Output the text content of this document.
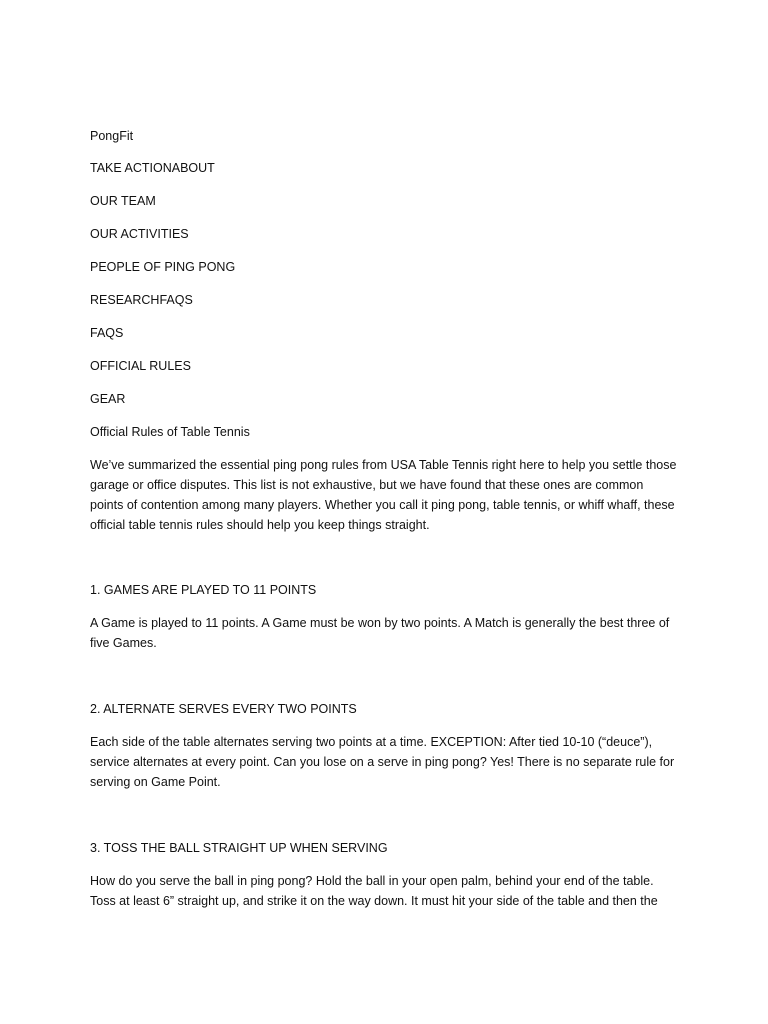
PongFit
TAKE ACTIONABOUT
OUR TEAM
OUR ACTIVITIES
PEOPLE OF PING PONG
RESEARCHFAQS
FAQS
OFFICIAL RULES
GEAR
Official Rules of Table Tennis
We’ve summarized the essential ping pong rules from USA Table Tennis right here to help you settle those garage or office disputes. This list is not exhaustive, but we have found that these ones are common points of contention among many players. Whether you call it ping pong, table tennis, or whiff whaff, these official table tennis rules should help you keep things straight.
1. GAMES ARE PLAYED TO 11 POINTS
A Game is played to 11 points. A Game must be won by two points. A Match is generally the best three of five Games.
2. ALTERNATE SERVES EVERY TWO POINTS
Each side of the table alternates serving two points at a time. EXCEPTION: After tied 10-10 (“deuce”), service alternates at every point. Can you lose on a serve in ping pong? Yes! There is no separate rule for serving on Game Point.
3. TOSS THE BALL STRAIGHT UP WHEN SERVING
How do you serve the ball in ping pong? Hold the ball in your open palm, behind your end of the table. Toss at least 6” straight up, and strike it on the way down. It must hit your side of the table and then the
